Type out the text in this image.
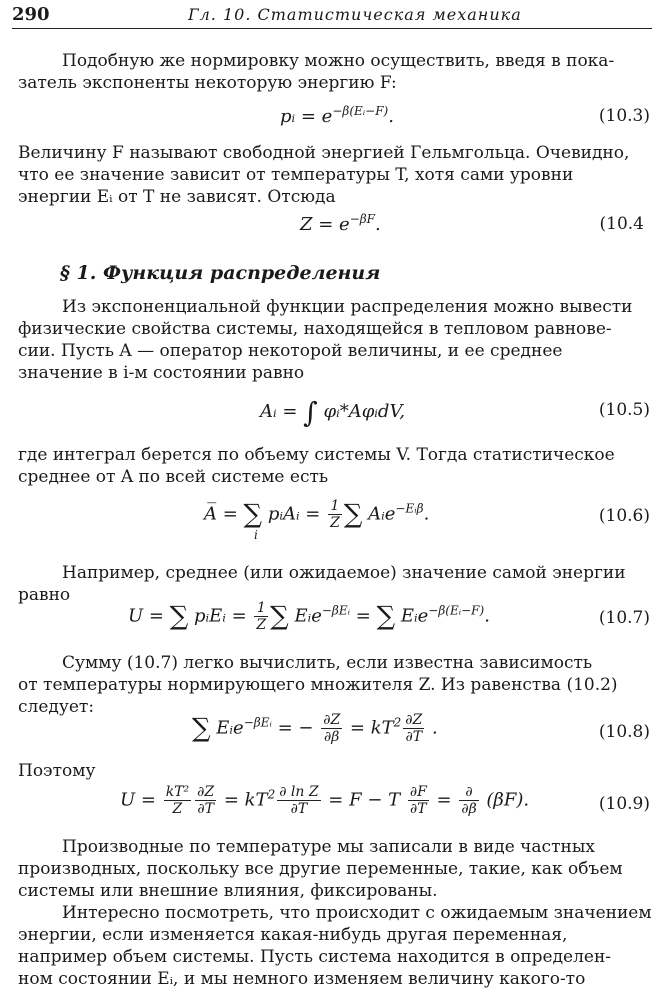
290	Гл. 10. Статистическая механика

Подобную же нормировку можно осуществить, введя в пока-
затель экспоненты некоторую энергию F:

pᵢ = $e^{-\beta(Eᵢ-F)}$.	(10.3)

Величину F называют свободной энергией Гельмгольца. Очевидно,
что ее значение зависит от температуры T, хотя сами уровни
энергии Eᵢ от T не зависят. Отсюда

$Z = e^{-\beta F}$.	(10.4
§ 1. Функция распределения

Из экспоненциальной функции распределения можно вывести
физические свойства системы, находящейся в тепловом равнове-
сии. Пусть A — оператор некоторой величины, и ее среднее
значение в i-м состоянии равно

Aᵢ = ∫ φᵢ*AφᵢdV,	(10.5)

где интеграл берется по объему системы V. Тогда статистическое
среднее от A по всей системе есть

A̅ = ∑ pᵢAᵢ = $\frac{1}{Z}$ ∑ Aᵢe$^{-Eᵢ\beta}$.
i
(10.6)

Например, среднее (или ожидаемое) значение самой энергии
равно

U = ∑ pᵢEᵢ = $\frac{1}{Z}$ ∑ Eᵢe$^{-\beta Eᵢ}$ = ∑ Eᵢe$^{-\beta(Eᵢ-F)}$.	(10.7)

Сумму (10.7) легко вычислить, если известна зависимость
от температуры нормирующего множителя Z. Из равенства (10.2)
следует:

∑ Eᵢe$^{-\beta Eᵢ}$ = − $\frac{\partial Z}{\partial\beta} = kT^2 \frac{\partial Z}{\partial T}$ .	(10.8)

Поэтому

$U = \frac{\text{kT²}}{Z} \frac{\partial Z}{\partial T} = kT^2 \frac{\text{∂ ln Z}}{\partial T} = F - T \frac{\partial F}{\partial T} = \frac{\partial}{\partial\beta} (\beta F)$.	(10.9)

Производные по температуре мы записали в виде частных
производных, поскольку все другие переменные, такие, как объем
системы или внешние влияния, фиксированы.

Интересно посмотреть, что происходит с ожидаемым значением
энергии, если изменяется какая-нибудь другая переменная,
например объем системы. Пусть система находится в определен-
ном состоянии Eᵢ, и мы немного изменяем величину какого-то
